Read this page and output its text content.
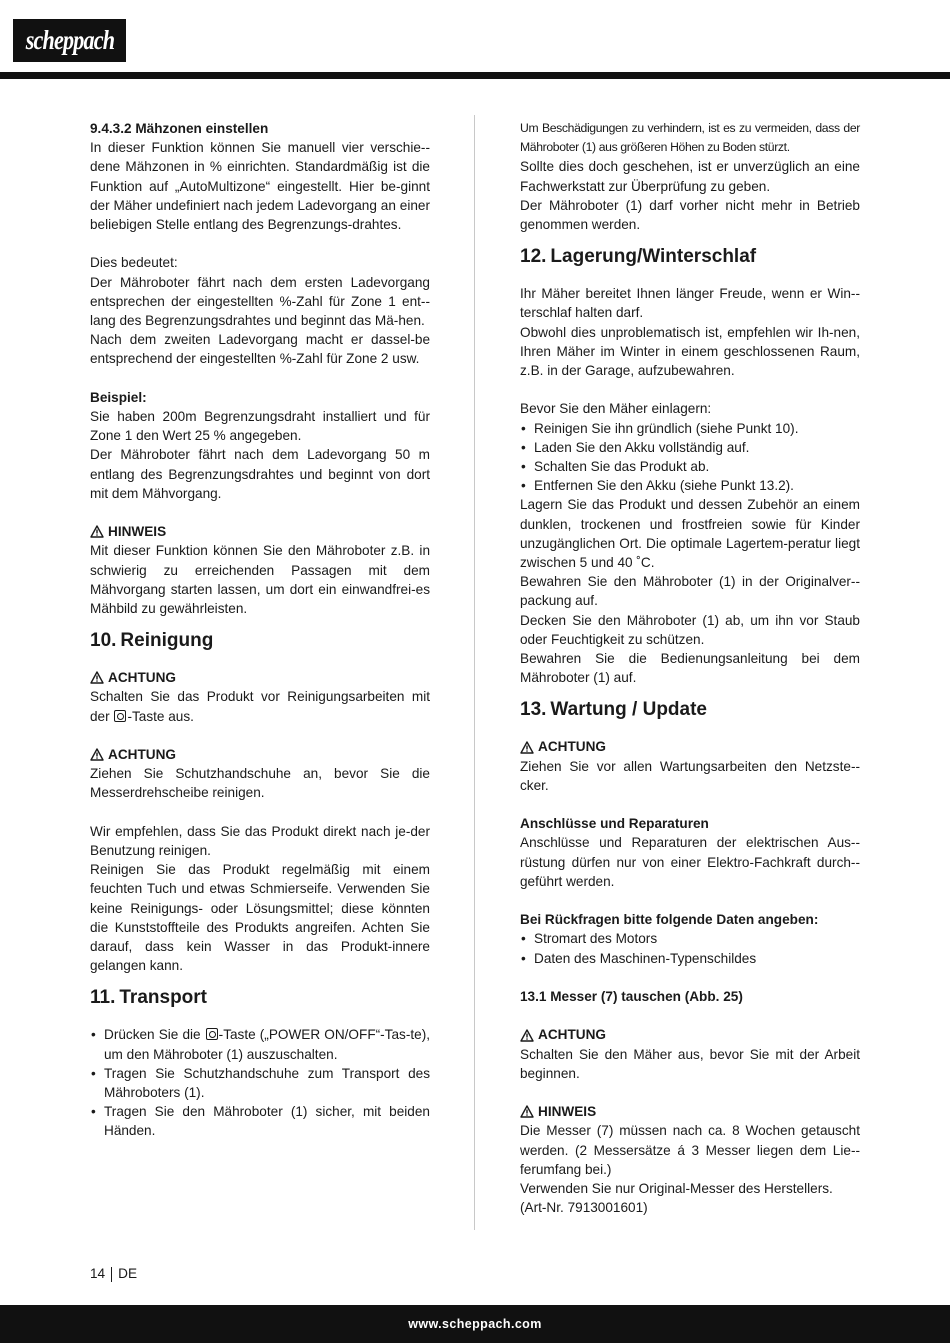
scheppach
9.4.3.2 Mähzonen einstellen
In dieser Funktion können Sie manuell vier verschie-dene Mähzonen in % einrichten. Standardmäßig ist die Funktion auf „AutoMultizone“ eingestellt. Hier be-ginnt der Mäher undefiniert nach jedem Ladevorgang an einer beliebigen Stelle entlang des Begrenzungs-drahtes.
Dies bedeutet:
Der Mähroboter fährt nach dem ersten Ladevorgang entsprechen der eingestellten %-Zahl für Zone 1 ent-lang des Begrenzungsdrahtes und beginnt das Mä-hen.
Nach dem zweiten Ladevorgang macht er dassel-be entsprechend der eingestellten %-Zahl für Zone 2 usw.
Beispiel:
Sie haben 200m Begrenzungsdraht installiert und für Zone 1 den Wert 25 % angegeben.
Der Mähroboter fährt nach dem Ladevorgang 50 m entlang des Begrenzungsdrahtes und beginnt von dort mit dem Mähvorgang.
HINWEIS
Mit dieser Funktion können Sie den Mähroboter z.B. in schwierig zu erreichenden Passagen mit dem Mähvorgang starten lassen, um dort ein einwandfrei-es Mähbild zu gewährleisten.
10. Reinigung
ACHTUNG
Schalten Sie das Produkt vor Reinigungsarbeiten mit der -Taste aus.
ACHTUNG
Ziehen Sie Schutzhandschuhe an, bevor Sie die Messerdrehscheibe reinigen.
Wir empfehlen, dass Sie das Produkt direkt nach je-der Benutzung reinigen.
Reinigen Sie das Produkt regelmäßig mit einem feuchten Tuch und etwas Schmierseife. Verwenden Sie keine Reinigungs- oder Lösungsmittel; diese könnten die Kunststoffteile des Produkts angreifen. Achten Sie darauf, dass kein Wasser in das Produkt-innere gelangen kann.
11. Transport
• Drücken Sie die -Taste („POWER ON/OFF“-Tas-te), um den Mähroboter (1) auszuschalten.
• Tragen Sie Schutzhandschuhe zum Transport des Mähroboters (1).
• Tragen Sie den Mähroboter (1) sicher, mit beiden Händen.
Um Beschädigungen zu verhindern, ist es zu vermeiden, dass der Mähroboter (1) aus größeren Höhen zu Boden stürzt.
Sollte dies doch geschehen, ist er unverzüglich an eine Fachwerkstatt zur Überprüfung zu geben.
Der Mähroboter (1) darf vorher nicht mehr in Betrieb genommen werden.
12. Lagerung/Winterschlaf
Ihr Mäher bereitet Ihnen länger Freude, wenn er Win-terschlaf halten darf.
Obwohl dies unproblematisch ist, empfehlen wir Ih-nen, Ihren Mäher im Winter in einem geschlossenen Raum, z.B. in der Garage, aufzubewahren.
Bevor Sie den Mäher einlagern:
• Reinigen Sie ihn gründlich (siehe Punkt 10).
• Laden Sie den Akku vollständig auf.
• Schalten Sie das Produkt ab.
• Entfernen Sie den Akku (siehe Punkt 13.2).
Lagern Sie das Produkt und dessen Zubehör an einem dunklen, trockenen und frostfreien sowie für Kinder unzugänglichen Ort. Die optimale Lagertem-peratur liegt zwischen 5 und 40 ˚C.
Bewahren Sie den Mähroboter (1) in der Originalver-packung auf.
Decken Sie den Mähroboter (1) ab, um ihn vor Staub oder Feuchtigkeit zu schützen.
Bewahren Sie die Bedienungsanleitung bei dem Mähroboter (1) auf.
13. Wartung / Update
ACHTUNG
Ziehen Sie vor allen Wartungsarbeiten den Netzste-cker.
Anschlüsse und Reparaturen
Anschlüsse und Reparaturen der elektrischen Aus-rüstung dürfen nur von einer Elektro-Fachkraft durch-geführt werden.
Bei Rückfragen bitte folgende Daten angeben:
• Stromart des Motors
• Daten des Maschinen-Typenschildes
13.1 Messer (7) tauschen (Abb. 25)
ACHTUNG
Schalten Sie den Mäher aus, bevor Sie mit der Arbeit beginnen.
HINWEIS
Die Messer (7) müssen nach ca. 8 Wochen getauscht werden. (2 Messersätze á 3 Messer liegen dem Lie-ferumfang bei.)
Verwenden Sie nur Original-Messer des Herstellers.
(Art-Nr. 7913001601)
14 DE
www.scheppach.com
